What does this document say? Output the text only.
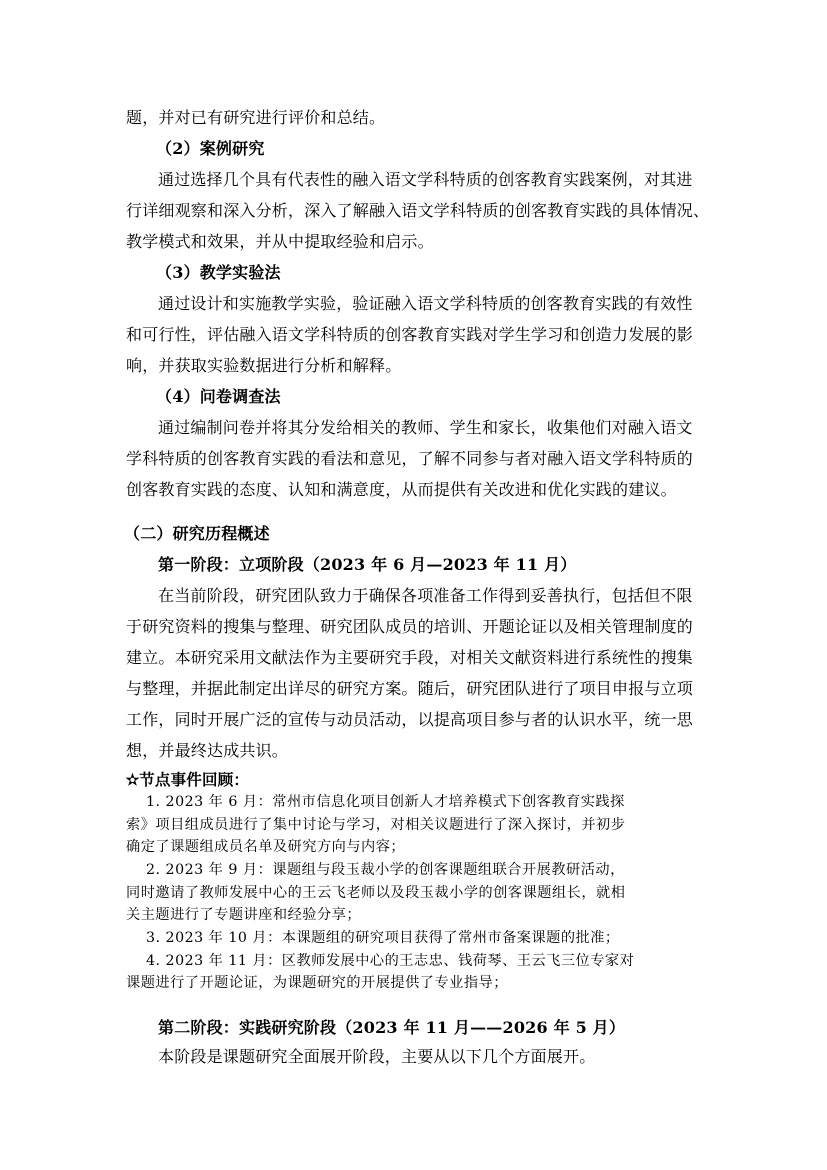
题，并对已有研究进行评价和总结。
（2）案例研究
通过选择几个具有代表性的融入语文学科特质的创客教育实践案例，对其进
行详细观察和深入分析，深入了解融入语文学科特质的创客教育实践的具体情况、
教学模式和效果，并从中提取经验和启示。
（3）教学实验法
通过设计和实施教学实验，验证融入语文学科特质的创客教育实践的有效性
和可行性，评估融入语文学科特质的创客教育实践对学生学习和创造力发展的影
响，并获取实验数据进行分析和解释。
（4）问卷调查法
通过编制问卷并将其分发给相关的教师、学生和家长，收集他们对融入语文
学科特质的创客教育实践的看法和意见，了解不同参与者对融入语文学科特质的
创客教育实践的态度、认知和满意度，从而提供有关改进和优化实践的建议。
（二）研究历程概述
第一阶段：立项阶段（2023 年 6 月—2023 年 11 月）
在当前阶段，研究团队致力于确保各项准备工作得到妥善执行，包括但不限
于研究资料的搜集与整理、研究团队成员的培训、开题论证以及相关管理制度的
建立。本研究采用文献法作为主要研究手段，对相关文献资料进行系统性的搜集
与整理，并据此制定出详尽的研究方案。随后，研究团队进行了项目申报与立项
工作，同时开展广泛的宣传与动员活动，以提高项目参与者的认识水平，统一思
想，并最终达成共识。
✫节点事件回顾：
1. 2023 年 6 月：常州市信息化项目创新人才培养模式下创客教育实践探
索》项目组成员进行了集中讨论与学习，对相关议题进行了深入探讨，并初步
确定了课题组成员名单及研究方向与内容；
2. 2023 年 9 月：课题组与段玉裁小学的创客课题组联合开展教研活动，
同时邀请了教师发展中心的王云飞老师以及段玉裁小学的创客课题组长，就相
关主题进行了专题讲座和经验分享；
3. 2023 年 10 月：本课题组的研究项目获得了常州市备案课题的批准；
4. 2023 年 11 月：区教师发展中心的王志忠、钱荷琴、王云飞三位专家对
课题进行了开题论证，为课题研究的开展提供了专业指导；
第二阶段：实践研究阶段（2023 年 11 月——2026 年 5 月）
本阶段是课题研究全面展开阶段，主要从以下几个方面展开。
